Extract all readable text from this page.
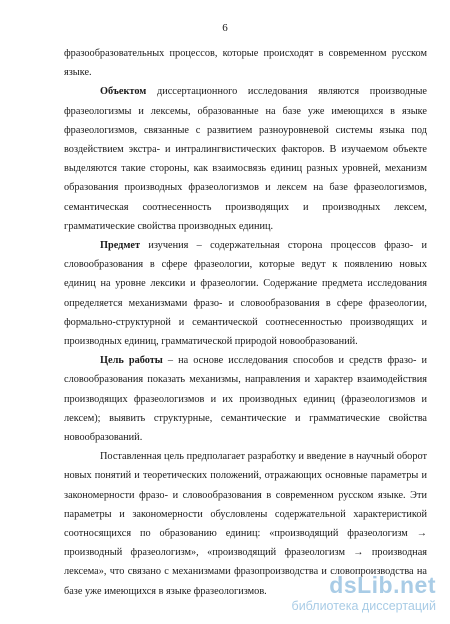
6

фразообразовательных процессов, которые происходят в современном русском языке.

Объектом диссертационного исследования являются производные фразеологизмы и лексемы, образованные на базе уже имеющихся в языке фразеологизмов, связанные с развитием разноуровневой системы языка под воздействием экстра- и интралингвистических факторов. В изучаемом объекте выделяются такие стороны, как взаимосвязь единиц разных уровней, механизм образования производных фразеологизмов и лексем на базе фразеологизмов, семантическая соотнесенность производящих и производных лексем, грамматические свойства производных единиц.

Предмет изучения – содержательная сторона процессов фразо- и словообразования в сфере фразеологии, которые ведут к появлению новых единиц на уровне лексики и фразеологии. Содержание предмета исследования определяется механизмами фразо- и словообразования в сфере фразеологии, формально-структурной и семантической соотнесенностью производящих и производных единиц, грамматической природой новообразований.

Цель работы – на основе исследования способов и средств фразо- и словообразования показать механизмы, направления и характер взаимодействия производящих фразеологизмов и их производных единиц (фразеологизмов и лексем); выявить структурные, семантические и грамматические свойства новообразований.

Поставленная цель предполагает разработку и введение в научный оборот новых понятий и теоретических положений, отражающих основные параметры и закономерности фразо- и словообразования в современном русском языке. Эти параметры и закономерности обусловлены содержательной характеристикой соотносящихся по образованию единиц: «производящий фразеологизм → производный фразеологизм», «производящий фразеологизм → производная лексема», что связано с механизмами фразопроизводства и словопроизводства на базе уже имеющихся в языке фразеологизмов.	dsLib.net
библиотека диссертаций
